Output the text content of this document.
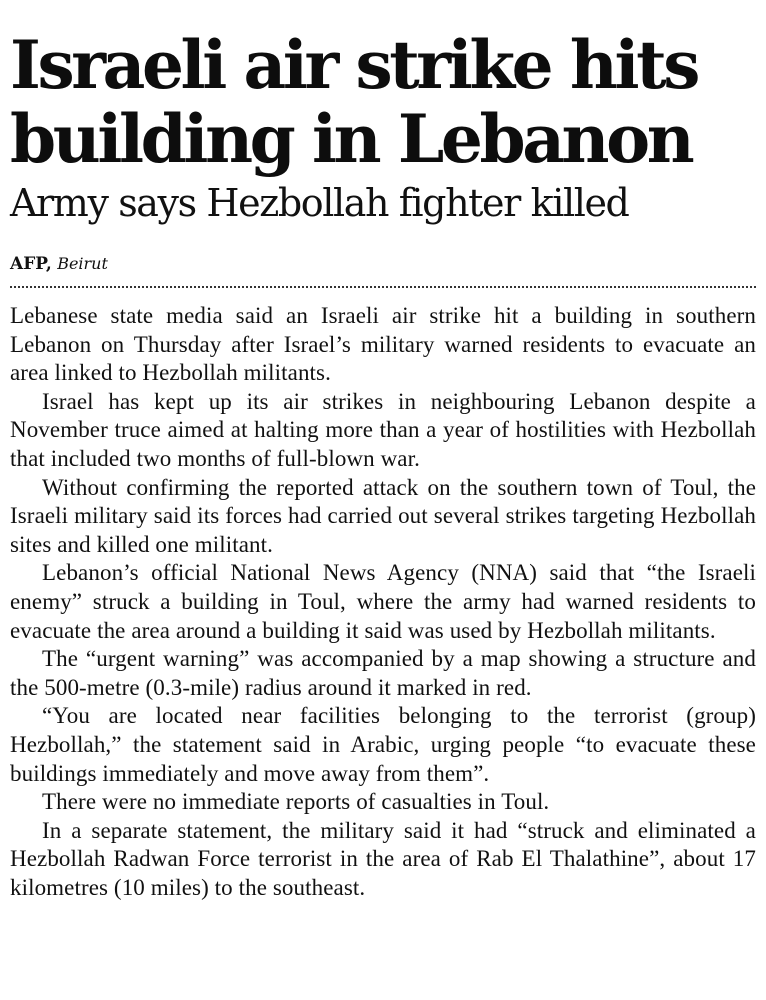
Israeli air strike hits
building in Lebanon
Army says Hezbollah fighter killed
AFP, Beirut

Lebanese state media said an Israeli air strike hit a building in southern Lebanon on Thursday after Israel’s military warned residents to evacuate an area linked to Hezbollah militants.

Israel has kept up its air strikes in neighbouring Lebanon despite a November truce aimed at halting more than a year of hostilities with Hezbollah that included two months of full-blown war.

Without confirming the reported attack on the southern town of Toul, the Israeli military said its forces had carried out several strikes targeting Hezbollah sites and killed one militant.

Lebanon’s official National News Agency (NNA) said that “the Israeli enemy” struck a building in Toul, where the army had warned residents to evacuate the area around a building it said was used by Hezbollah militants.

The “urgent warning” was accompanied by a map showing a structure and the 500-metre (0.3-mile) radius around it marked in red.

“You are located near facilities belonging to the terrorist (group) Hezbollah,” the statement said in Arabic, urging people “to evacuate these buildings immediately and move away from them”.

There were no immediate reports of casualties in Toul.

In a separate statement, the military said it had “struck and eliminated a Hezbollah Radwan Force terrorist in the area of Rab El Thalathine”, about 17 kilometres (10 miles) to the southeast.
